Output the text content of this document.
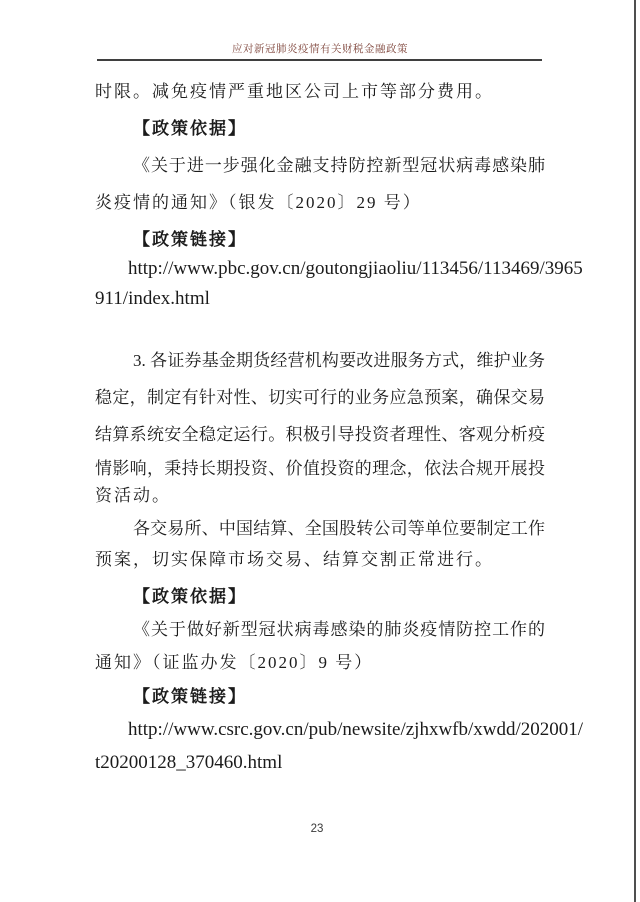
应对新冠肺炎疫情有关财税金融政策
时限。减免疫情严重地区公司上市等部分费用。
【政策依据】
《关于进一步强化金融支持防控新型冠状病毒感染肺
炎疫情的通知》（银发〔2020〕29 号）
【政策链接】
http://www.pbc.gov.cn/goutongjiaoliu/113456/113469/3965
911/index.html
3. 各证券基金期货经营机构要改进服务方式，维护业务
稳定，制定有针对性、切实可行的业务应急预案，确保交易
结算系统安全稳定运行。积极引导投资者理性、客观分析疫
情影响，秉持长期投资、价值投资的理念，依法合规开展投
资活动。
各交易所、中国结算、全国股转公司等单位要制定工作
预案，切实保障市场交易、结算交割正常进行。
【政策依据】
《关于做好新型冠状病毒感染的肺炎疫情防控工作的
通知》（证监办发〔2020〕9 号）
【政策链接】
http://www.csrc.gov.cn/pub/newsite/zjhxwfb/xwdd/202001/
t20200128_370460.html
23
